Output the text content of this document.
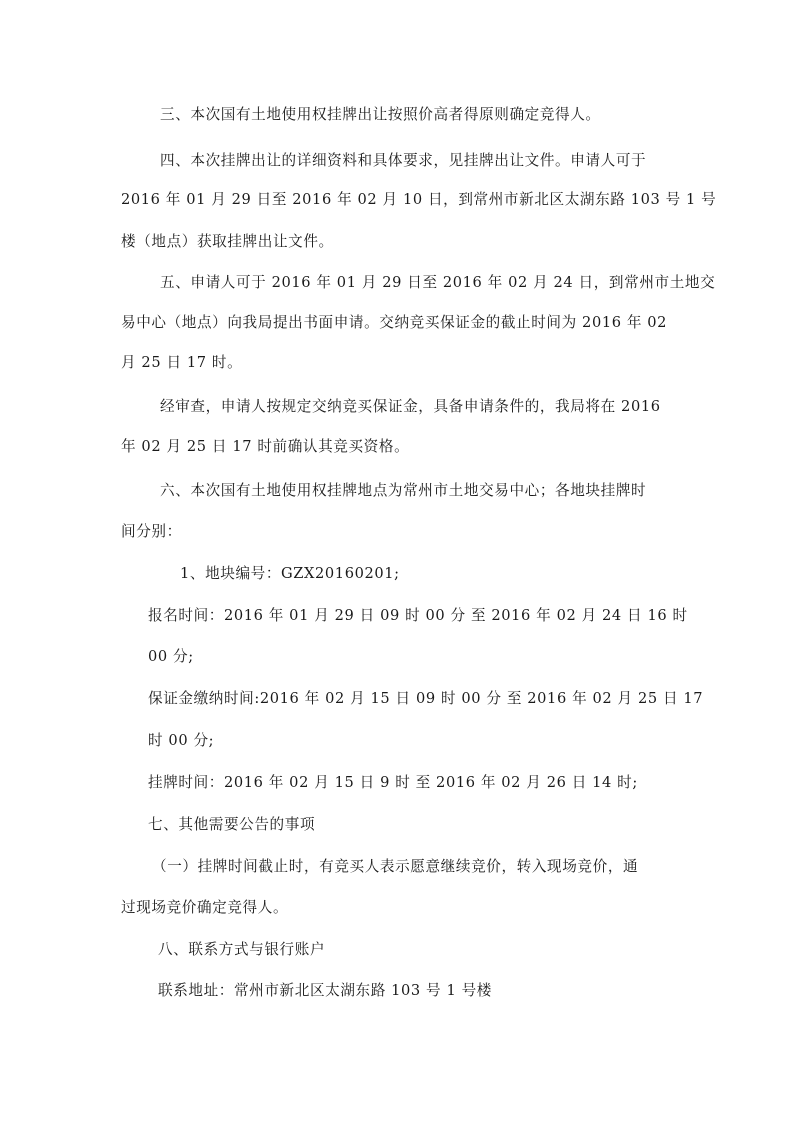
三、本次国有土地使用权挂牌出让按照价高者得原则确定竞得人。
四、本次挂牌出让的详细资料和具体要求，见挂牌出让文件。申请人可于
2016 年 01 月 29 日至 2016 年 02 月 10 日，到常州市新北区太湖东路 103 号 1 号
楼（地点）获取挂牌出让文件。
五、申请人可于 2016 年 01 月 29 日至 2016 年 02 月 24 日，到常州市土地交
易中心（地点）向我局提出书面申请。交纳竞买保证金的截止时间为 2016 年 02
月 25 日 17 时。
经审查，申请人按规定交纳竞买保证金，具备申请条件的，我局将在 2016
年 02 月 25 日 17 时前确认其竞买资格。
六、本次国有土地使用权挂牌地点为常州市土地交易中心；各地块挂牌时
间分别：
1、地块编号：GZX20160201;
报名时间：2016 年 01 月 29 日 09 时 00 分 至 2016 年 02 月 24 日 16 时
00 分;
保证金缴纳时间:2016 年 02 月 15 日 09 时 00 分 至 2016 年 02 月 25 日 17
时 00 分;
挂牌时间：2016 年 02 月 15 日 9 时 至 2016 年 02 月 26 日 14 时;
七、其他需要公告的事项
（一）挂牌时间截止时，有竞买人表示愿意继续竞价，转入现场竞价，通
过现场竞价确定竞得人。
八、联系方式与银行账户
联系地址：常州市新北区太湖东路 103 号 1 号楼
